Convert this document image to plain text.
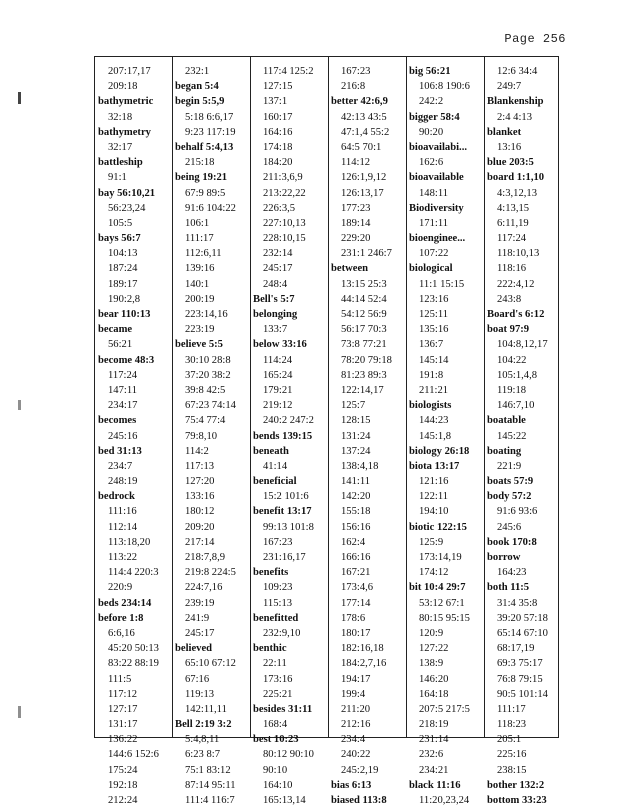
Page 256
207:17,17
209:18
bathymetric
32:18
bathymetry
32:17
battleship
91:1
bay 56:10,21
56:23,24
105:5
bays 56:7
104:13
187:24
189:17
190:2,8
bear 110:13
became
56:21
become 48:3
117:24
147:11
234:17
becomes
245:16
bed 31:13
234:7
248:19
bedrock
111:16
112:14
113:18,20
113:22
114:4 220:3
220:9
beds 234:14
before 1:8
6:6,16
45:20 50:13
83:22 88:19
111:5
117:12
127:17
131:17
136:22
144:6 152:6
175:24
192:18
212:24
232:1
began 5:4
begin 5:5,9
5:18 6:6,17
9:23 117:19
behalf 5:4,13
215:18
being 19:21
67:9 89:5
91:6 104:22
106:1
111:17
112:6,11
139:16
140:1
200:19
223:14,16
223:19
believe 5:5
30:10 28:8
37:20 38:2
39:8 42:5
67:23 74:14
75:4 77:4
79:8,10
114:2
117:13
127:20
133:16
180:12
209:20
217:14
218:7,8,9
219:8 224:5
224:7,16
239:19
241:9
245:17
believed
65:10 67:12
67:16
119:13
142:11,11
Bell 2:19 3:2
5:4,8,11
6:23 8:7
75:1 83:12
87:14 95:11
111:4 116:7
117:4 125:2
127:15
137:1
160:17
164:16
174:18
184:20
211:3,6,9
213:22,22
226:3,5
227:10,13
228:10,15
232:14
245:17
248:4
Bell's 5:7
belonging
133:7
below 33:16
114:24
165:24
179:21
219:12
240:2 247:2
bends 139:15
beneath
41:14
beneficial
15:2 101:6
benefit 13:17
99:13 101:8
167:23
231:16,17
benefits
109:23
115:13
benefitted
232:9,10
benthic
22:11
173:16
225:21
besides 31:11
168:4
best 10:23
80:12 90:10
90:10
164:10
165:13,14
167:23
216:8
better 42:6,9
42:13 43:5
47:1,4 55:2
64:5 70:1
114:12
126:1,9,12
126:13,17
177:23
189:14
229:20
231:1 246:7
between
13:15 25:3
44:14 52:4
54:12 56:9
56:17 70:3
73:8 77:21
78:20 79:18
81:23 89:3
122:14,17
125:7
128:15
131:24
137:24
138:4,18
141:11
142:20
155:18
156:16
162:4
166:16
167:21
173:4,6
177:14
178:6
180:17
182:16,18
184:2,7,16
194:17
199:4
211:20
212:16
234:4
240:22
245:2,19
bias 6:13
biased 113:8
big 56:21
106:8 190:6
242:2
bigger 58:4
90:20
bioavailabi...
162:6
bioavailable
148:11
Biodiversity
171:11
bioenginee...
107:22
biological
11:1 15:15
123:16
125:11
135:16
136:7
145:14
191:8
211:21
biologists
144:23
145:1,8
biology 26:18
biota 13:17
121:16
122:11
194:10
biotic 122:15
125:9
173:14,19
174:12
bit 10:4 29:7
53:12 67:1
80:15 95:15
120:9
127:22
138:9
146:20
164:18
207:5 217:5
218:19
231:14
232:6
234:21
black 11:16
11:20,23,24
12:6 34:4
249:7
Blankenship
2:4 4:13
blanket
13:16
blue 203:5
board 1:1,10
4:3,12,13
4:13,15
6:11,19
117:24
118:10,13
118:16
222:4,12
243:8
Board's 6:12
boat 97:9
104:8,12,17
104:22
105:1,4,8
119:18
146:7,10
boatable
145:22
boating
221:9
boats 57:9
body 57:2
91:6 93:6
245:6
book 170:8
borrow
164:23
both 11:5
31:4 35:8
39:20 57:18
65:14 67:10
68:17,19
69:3 75:17
76:8 79:15
90:5 101:14
111:17
118:23
205:1
225:16
238:15
bother 132:2
bottom 33:23
